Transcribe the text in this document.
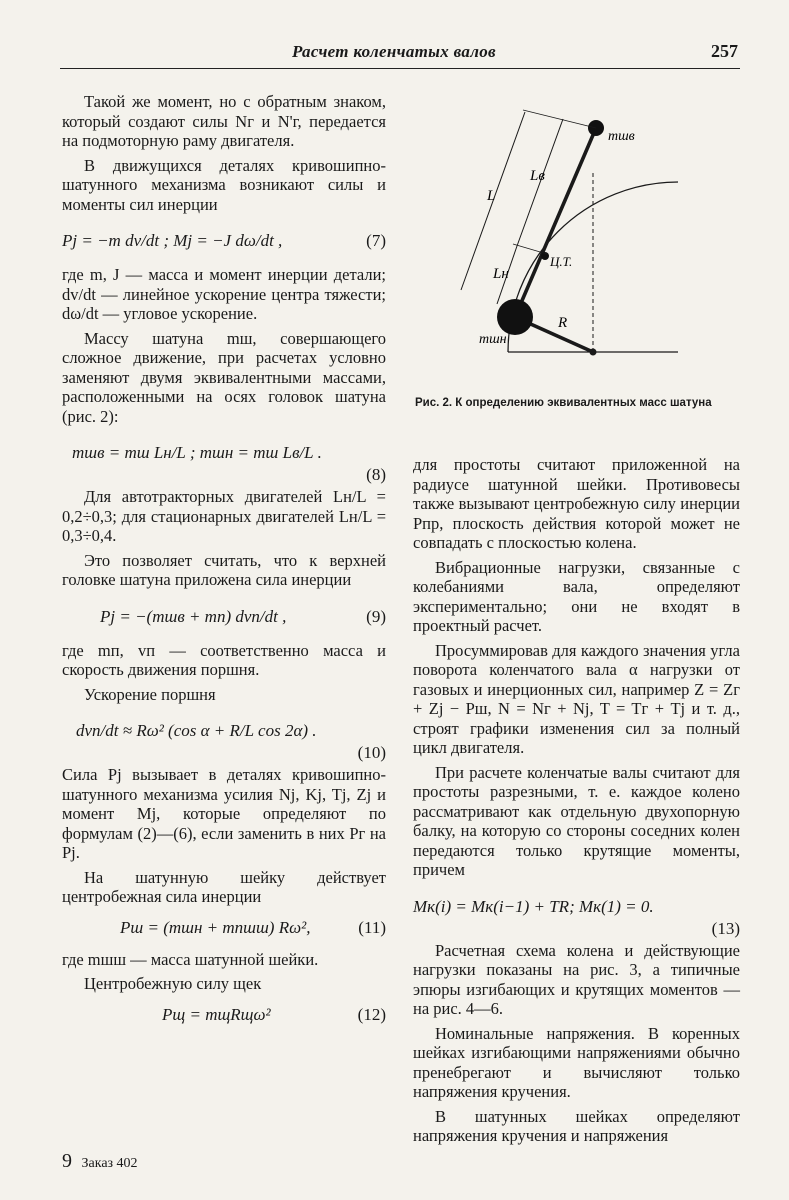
Расчет коленчатых валов	257

Такой же момент, но с обратным знаком, который создают силы Nг и N'г, передается на подмоторную раму двигателя.

В движущихся деталях кривошипно-шатунного механизма возникают силы и моменты сил инерции

Pj = −m dv/dt ; Mj = −J dω/dt ,	(7)

где m, J — масса и момент инерции детали; dv/dt — линейное ускорение центра тяжести; dω/dt — угловое ускорение.

Массу шатуна mш, совершающего сложное движение, при расчетах условно заменяют двумя эквивалентными массами, расположенными на осях головок шатуна (рис. 2):

mшв = mш Lн/L ; mшн = mш Lв/L .
(8)

Для автотракторных двигателей Lн/L = 0,2÷0,3; для стационарных двигателей Lн/L = 0,3÷0,4.

Это позволяет считать, что к верхней головке шатуна приложена сила инерции

Pj = −(mшв + mп) dvп/dt ,	(9)

где mп, vп — соответственно масса и скорость движения поршня.

Ускорение поршня

dvп/dt ≈ Rω² (cos α + R/L cos 2α) .
(10)

Сила Pj вызывает в деталях кривошипно-шатунного механизма усилия Nj, Kj, Tj, Zj и момент Mj, которые определяют по формулам (2)—(6), если заменить в них Pг на Pj.

На шатунную шейку действует центробежная сила инерции

Pш = (mшн + mпшш) Rω²,	(11)

где mшш — масса шатунной шейки.

Центробежную силу щек

Pщ = mщRщω²	(12)
L
Lв
Lн
Ц.Т.
R
mшв
mшн
Рис. 2. К определению эквивалентных масс шатуна

для простоты считают приложенной на радиусе шатунной шейки. Противовесы также вызывают центробежную силу инерции Pпр, плоскость действия которой может не совпадать с плоскостью колена.

Вибрационные нагрузки, связанные с колебаниями вала, определяют экспериментально; они не входят в проектный расчет.

Просуммировав для каждого значения угла поворота коленчатого вала α нагрузки от газовых и инерционных сил, например Z = Zг + Zj − Pш, N = Nг + Nj, T = Tг + Tj и т. д., строят графики изменения сил за полный цикл двигателя.

При расчете коленчатые валы считают для простоты разрезными, т. е. каждое колено рассматривают как отдельную двухопорную балку, на которую со стороны соседних колен передаются только крутящие моменты, причем

Mк(i) = Mк(i−1) + TR; Mк(1) = 0.
(13)

Расчетная схема колена и действующие нагрузки показаны на рис. 3, а типичные эпюры изгибающих и крутящих моментов — на рис. 4—6.

Номинальные напряжения. В коренных шейках изгибающими напряжениями обычно пренебрегают и вычисляют только напряжения кручения.

В шатунных шейках определяют напряжения кручения и напряжения

9 Заказ 402
